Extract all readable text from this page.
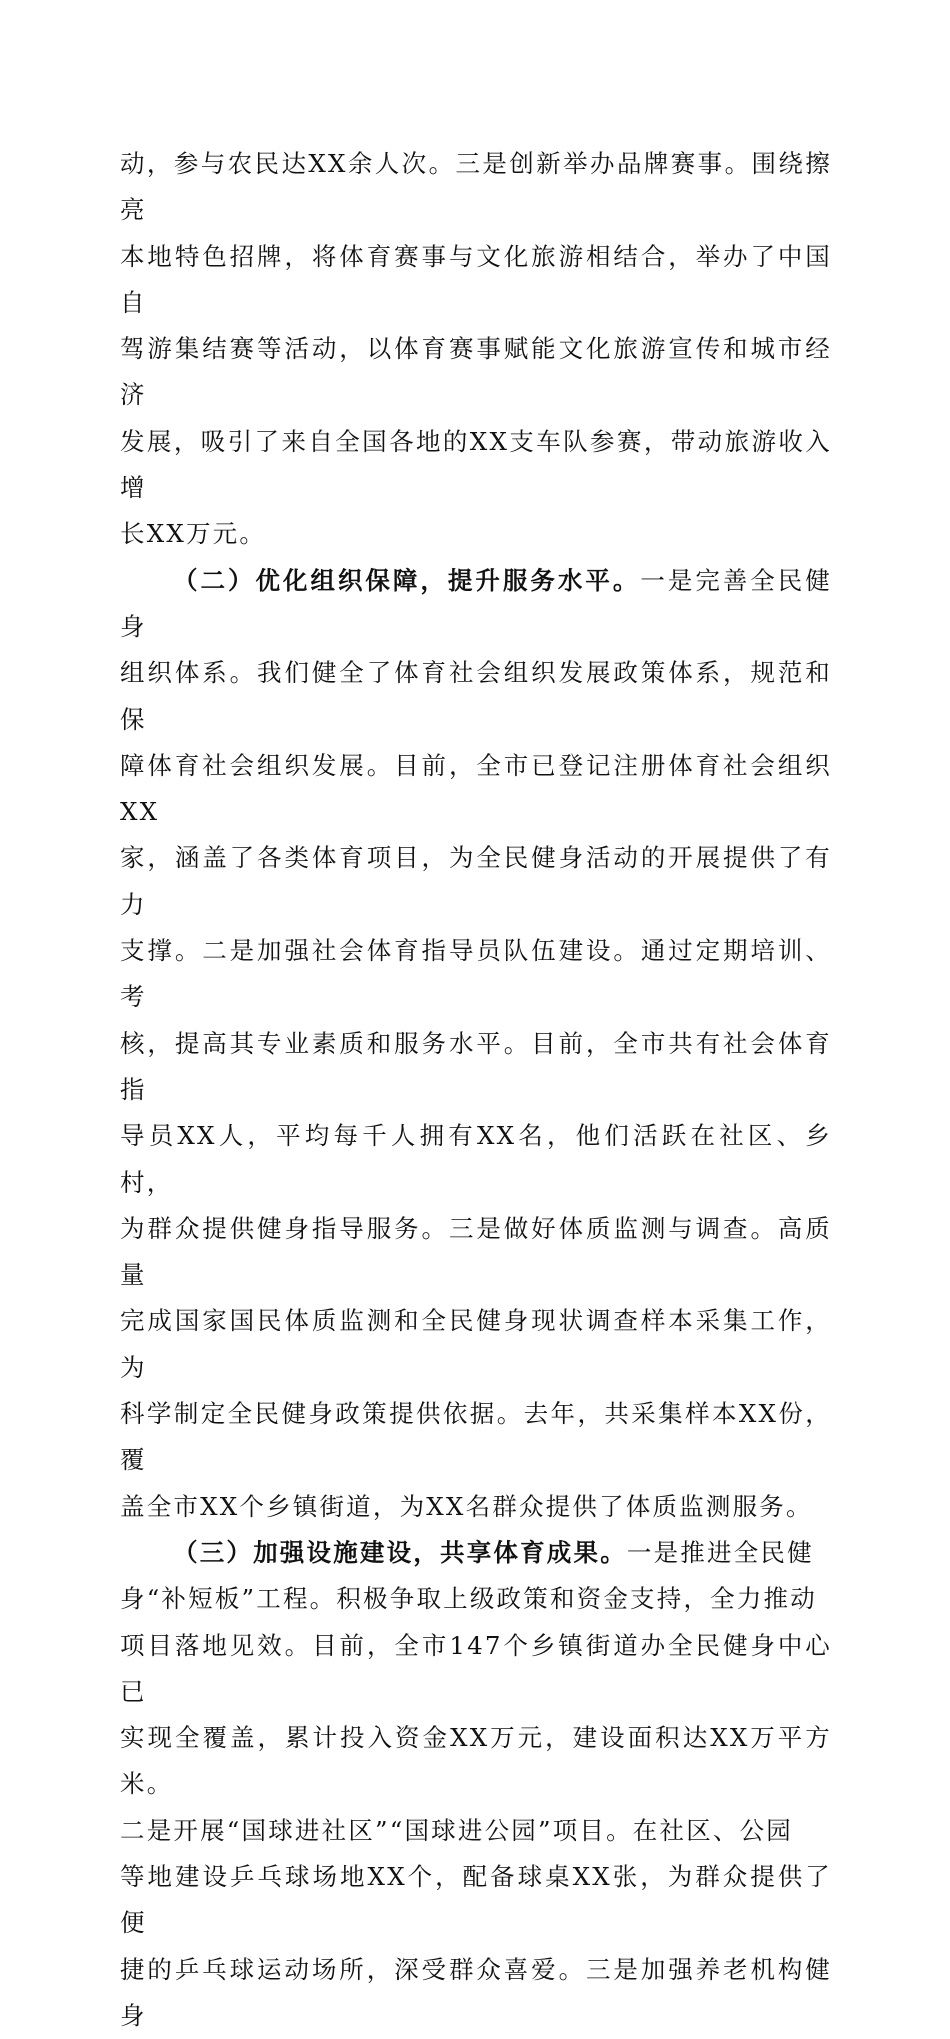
动，参与农民达XX余人次。三是创新举办品牌赛事。围绕擦亮
本地特色招牌，将体育赛事与文化旅游相结合，举办了中国自
驾游集结赛等活动，以体育赛事赋能文化旅游宣传和城市经济
发展，吸引了来自全国各地的XX支车队参赛，带动旅游收入增
长XX万元。

（二）优化组织保障，提升服务水平。一是完善全民健身
组织体系。我们健全了体育社会组织发展政策体系，规范和保
障体育社会组织发展。目前，全市已登记注册体育社会组织XX
家，涵盖了各类体育项目，为全民健身活动的开展提供了有力
支撑。二是加强社会体育指导员队伍建设。通过定期培训、考
核，提高其专业素质和服务水平。目前，全市共有社会体育指
导员XX人，平均每千人拥有XX名，他们活跃在社区、乡村，
为群众提供健身指导服务。三是做好体质监测与调查。高质量
完成国家国民体质监测和全民健身现状调查样本采集工作，为
科学制定全民健身政策提供依据。去年，共采集样本XX份，覆
盖全市XX个乡镇街道，为XX名群众提供了体质监测服务。

（三）加强设施建设，共享体育成果。一是推进全民健
身“补短板”工程。积极争取上级政策和资金支持，全力推动
项目落地见效。目前，全市147个乡镇街道办全民健身中心已
实现全覆盖，累计投入资金XX万元，建设面积达XX万平方米。
二是开展“国球进社区”“国球进公园”项目。在社区、公园
等地建设乒乓球场地XX个，配备球桌XX张，为群众提供了便
捷的乒乓球运动场所，深受群众喜爱。三是加强养老机构健身
